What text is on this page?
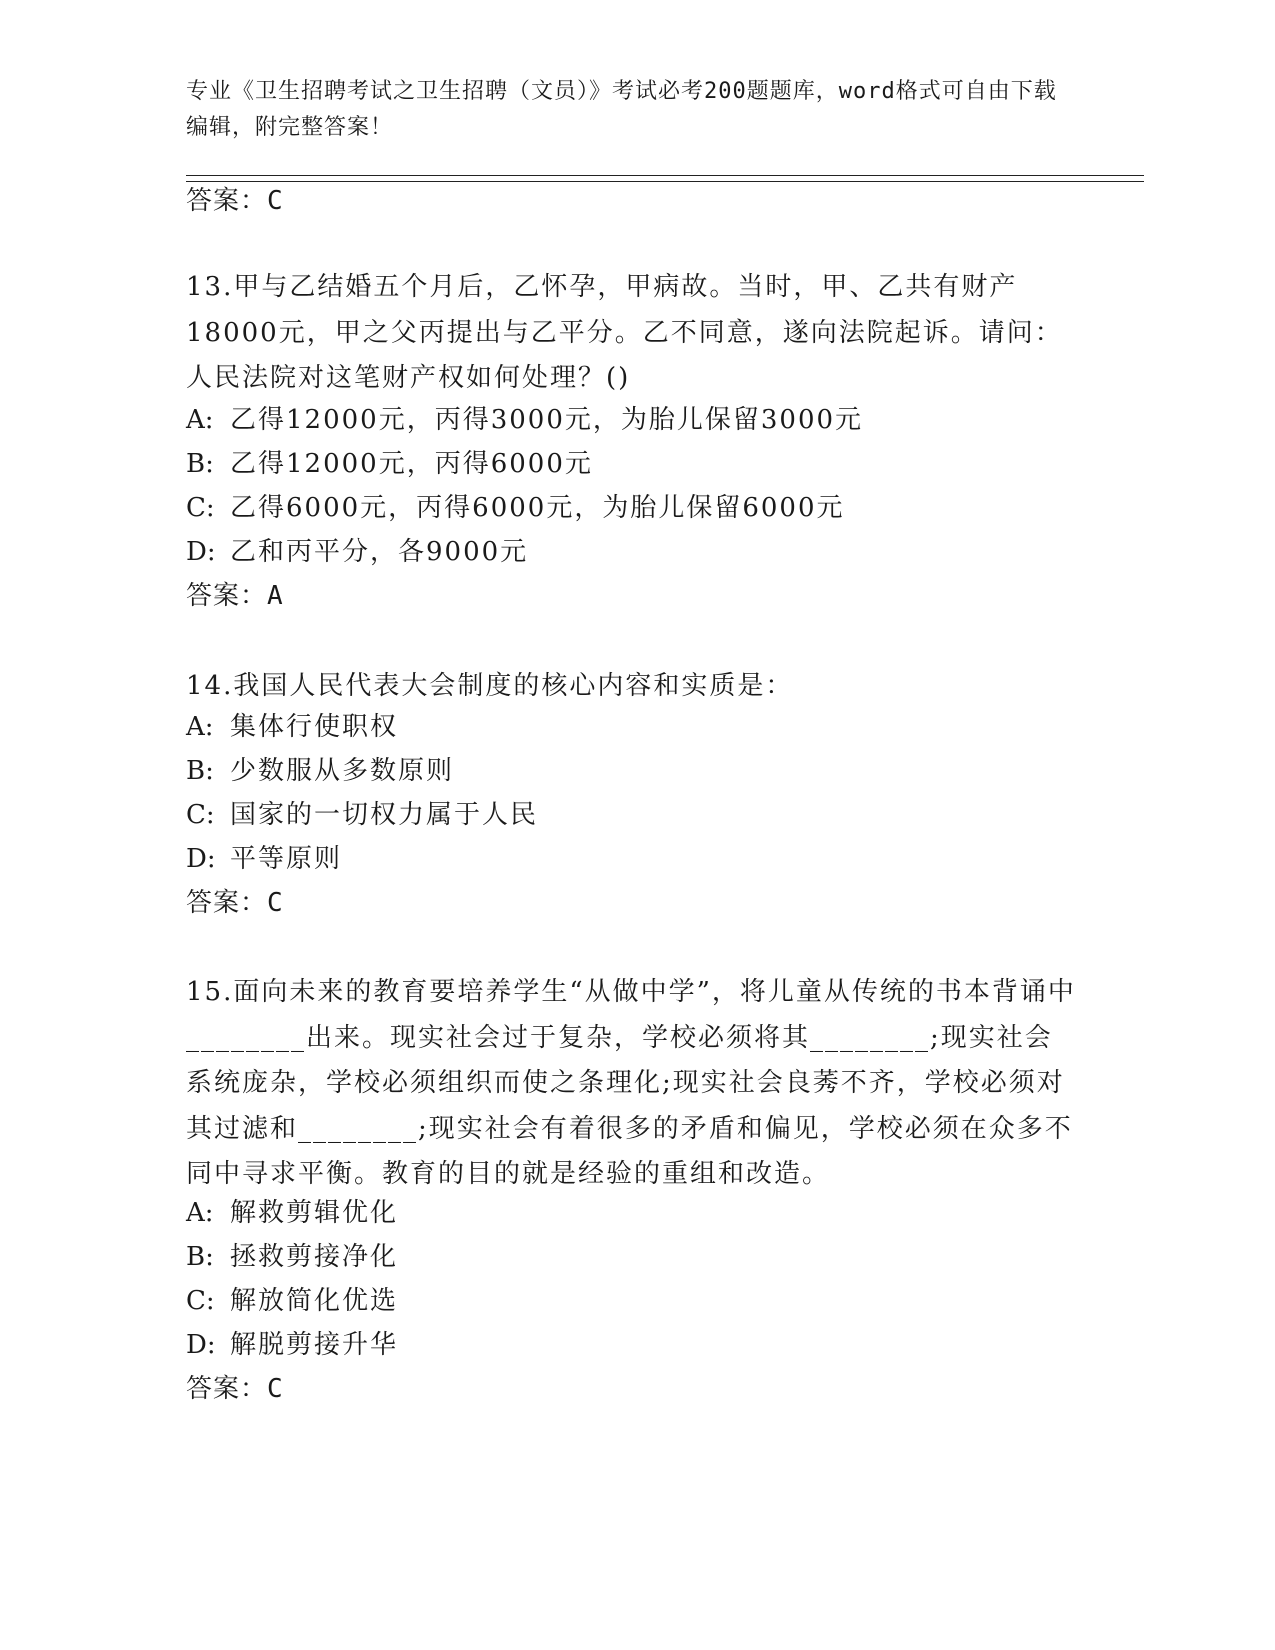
专业《卫生招聘考试之卫生招聘（文员）》考试必考200题题库，word格式可自由下载编辑，附完整答案！
答案：C
13.甲与乙结婚五个月后，乙怀孕，甲病故。当时，甲、乙共有财产18000元，甲之父丙提出与乙平分。乙不同意，遂向法院起诉。请问：人民法院对这笔财产权如何处理？()
A: 乙得12000元，丙得3000元，为胎儿保留3000元
B: 乙得12000元，丙得6000元
C: 乙得6000元，丙得6000元，为胎儿保留6000元
D: 乙和丙平分，各9000元
答案：A
14.我国人民代表大会制度的核心内容和实质是：
A: 集体行使职权
B: 少数服从多数原则
C: 国家的一切权力属于人民
D: 平等原则
答案：C
15.面向未来的教育要培养学生“从做中学”，将儿童从传统的书本背诵中________出来。现实社会过于复杂，学校必须将其________;现实社会系统庞杂，学校必须组织而使之条理化;现实社会良莠不齐，学校必须对其过滤和________;现实社会有着很多的矛盾和偏见，学校必须在众多不同中寻求平衡。教育的目的就是经验的重组和改造。
A: 解救剪辑优化
B: 拯救剪接净化
C: 解放简化优选
D: 解脱剪接升华
答案：C
